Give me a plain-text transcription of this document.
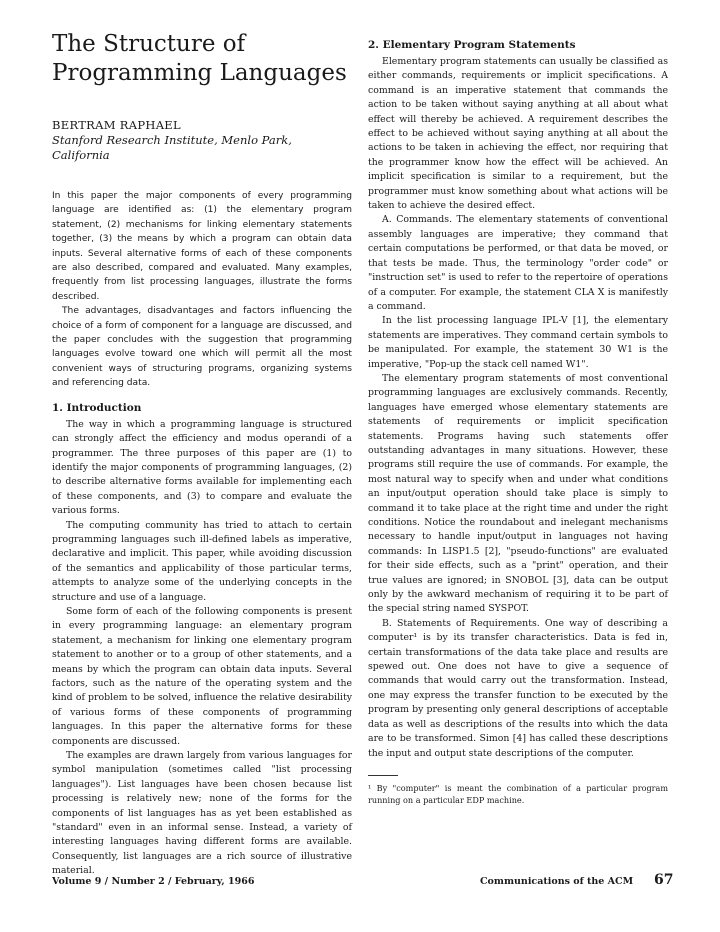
The Structure of Programming Languages
BERTRAM RAPHAEL
Stanford Research Institute, Menlo Park, California

In this paper the major components of every programming language are identified as: (1) the elementary program statement, (2) mechanisms for linking elementary statements together, (3) the means by which a program can obtain data inputs. Several alternative forms of each of these components are also described, compared and evaluated. Many examples, frequently from list processing languages, illustrate the forms described.

The advantages, disadvantages and factors influencing the choice of a form of component for a language are discussed, and the paper concludes with the suggestion that programming languages evolve toward one which will permit all the most convenient ways of structuring programs, organizing systems and referencing data.

1. Introduction

The way in which a programming language is structured can strongly affect the efficiency and modus operandi of a programmer. The three purposes of this paper are (1) to identify the major components of programming languages, (2) to describe alternative forms available for implementing each of these components, and (3) to compare and evaluate the various forms.

The computing community has tried to attach to certain programming languages such ill-defined labels as imperative, declarative and implicit. This paper, while avoiding discussion of the semantics and applicability of those particular terms, attempts to analyze some of the underlying concepts in the structure and use of a language.

Some form of each of the following components is present in every programming language: an elementary program statement, a mechanism for linking one elementary program statement to another or to a group of other statements, and a means by which the program can obtain data inputs. Several factors, such as the nature of the operating system and the kind of problem to be solved, influence the relative desirability of various forms of these components of programming languages. In this paper the alternative forms for these components are discussed.

The examples are drawn largely from various languages for symbol manipulation (sometimes called "list processing languages"). List languages have been chosen because list processing is relatively new; none of the forms for the components of list languages has as yet been established as "standard" even in an informal sense. Instead, a variety of interesting languages having different forms are available. Consequently, list languages are a rich source of illustrative material.

2. Elementary Program Statements

Elementary program statements can usually be classified as either commands, requirements or implicit specifications. A command is an imperative statement that commands the action to be taken without saying anything at all about what effect will thereby be achieved. A requirement describes the effect to be achieved without saying anything at all about the actions to be taken in achieving the effect, nor requiring that the programmer know how the effect will be achieved. An implicit specification is similar to a requirement, but the programmer must know something about what actions will be taken to achieve the desired effect.

A. Commands. The elementary statements of conventional assembly languages are imperative; they command that certain computations be performed, or that data be moved, or that tests be made. Thus, the terminology "order code" or "instruction set" is used to refer to the repertoire of operations of a computer. For example, the statement CLA X is manifestly a command.

In the list processing language IPL-V [1], the elementary statements are imperatives. They command certain symbols to be manipulated. For example, the statement 30 W1 is the imperative, "Pop-up the stack cell named W1".

The elementary program statements of most conventional programming languages are exclusively commands. Recently, languages have emerged whose elementary statements are statements of requirements or implicit specification statements. Programs having such statements offer outstanding advantages in many situations. However, these programs still require the use of commands. For example, the most natural way to specify when and under what conditions an input/output operation should take place is simply to command it to take place at the right time and under the right conditions. Notice the roundabout and inelegant mechanisms necessary to handle input/output in languages not having commands: In LISP1.5 [2], "pseudo-functions" are evaluated for their side effects, such as a "print" operation, and their true values are ignored; in SNOBOL [3], data can be output only by the awkward mechanism of requiring it to be part of the special string named SYSPOT.

B. Statements of Requirements. One way of describing a computer¹ is by its transfer characteristics. Data is fed in, certain transformations of the data take place and results are spewed out. One does not have to give a sequence of commands that would carry out the transformation. Instead, one may express the transfer function to be executed by the program by presenting only general descriptions of acceptable data as well as descriptions of the results into which the data are to be transformed. Simon [4] has called these descriptions the input and output state descriptions of the computer.

¹ By "computer" is meant the combination of a particular program running on a particular EDP machine.
Volume 9 / Number 2 / February, 1966	Communications of the ACM 67
